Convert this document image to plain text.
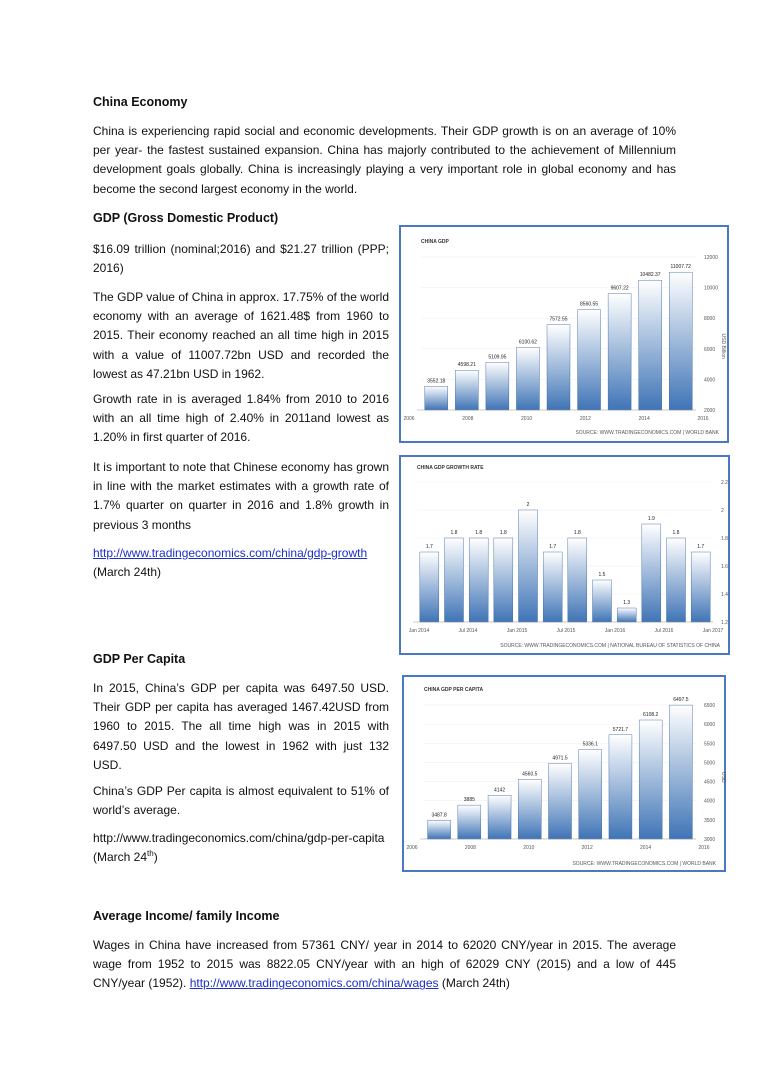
China Economy

China is experiencing rapid social and economic developments. Their GDP growth is on an average of 10% per year- the fastest sustained expansion. China has majorly contributed to the achievement of Millennium development goals globally. China is increasingly playing a very important role in global economy and has become the second largest economy in the world.

GDP (Gross Domestic Product)

$16.09 trillion (nominal;2016) and $21.27 trillion (PPP; 2016)

The GDP value of China in approx. 17.75% of the world economy with an average of 1621.48$ from 1960 to 2015. Their economy reached an all time high in 2015 with a value of 11007.72bn USD and recorded the lowest as 47.21bn USD in 1962.

Growth rate in is averaged 1.84% from 2010 to 2016 with an all time high of 2.40% in 2011and lowest as 1.20% in first quarter of 2016.

It is important to note that Chinese economy has grown in line with the market estimates with a growth rate of 1.7% quarter on quarter in 2016 and 1.8% growth in previous 3 months

http://www.tradingeconomics.com/china/gdp-growth (March 24th)

GDP Per Capita

In 2015, China’s GDP per capita was 6497.50 USD. Their GDP per capita has averaged 1467.42USD from 1960 to 2015. The all time high was in 2015 with 6497.50 USD and the lowest in 1962 with just 132 USD.

China’s GDP Per capita is almost equivalent to 51% of world’s average.

http://www.tradingeconomics.com/china/gdp-per-capita (March 24th)

Average Income/ family Income

Wages in China have increased from 57361 CNY/ year in 2014 to 62020 CNY/year in 2015. The average wage from 1952 to 2015 was 8822.05 CNY/year with an high of 62029 CNY (2015) and a low of 445 CNY/year (1952). http://www.tradingeconomics.com/china/wages (March 24th)

CHINA GDP
2000
4000
6000
8000
10000
12000
USD Billion
3552.18
4598.21
5109.95
6100.62
7572.55
8560.55
9607.22
10482.37
11007.72
2006	2008	2010	2012	2014	2016
SOURCE: WWW.TRADINGECONOMICS.COM | WORLD BANK
CHINA GDP GROWTH RATE
1.2
1.4
1.6
1.8
2
2.2
1.7
1.8	1.8	1.8
2
1.7
1.8
1.5
1.3
1.9
1.8
1.7
Jan 2014	Jul 2014	Jan 2015	Jul 2015	Jan 2016	Jul 2016	Jan 2017
SOURCE: WWW.TRADINGECONOMICS.COM | NATIONAL BUREAU OF STATISTICS OF CHINA
CHINA GDP PER CAPITA
3000
3500
4000
4500
5000
5500
6000
6500
USD
3487.8
3885
4142
4560.5
4971.5
5336.1
5721.7
6108.2
6497.5
2006	2008	2010	2012	2014	2016
SOURCE: WWW.TRADINGECONOMICS.COM | WORLD BANK
